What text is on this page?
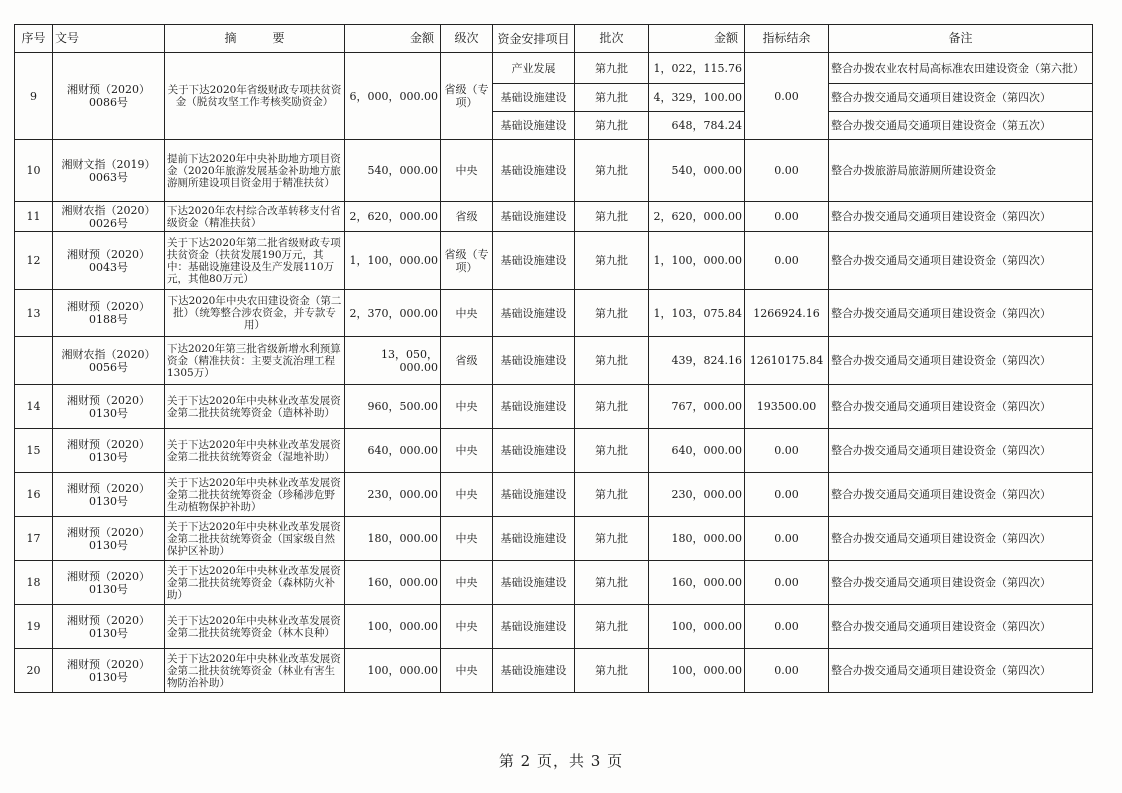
序号	文号	摘　　　要	金额	级次	资金安排项目	批次	金额	指标结余	备注
9	湘财预（2020）0086号	关于下达2020年省级财政专项扶贫资金（脱贫攻坚工作考核奖励资金）	6，000，000.00	省级（专项）	产业发展	第九批	1，022，115.76	0.00	整合办拨农业农村局高标准农田建设资金（第六批）
					基础设施建设	第九批	4，329，100.00		整合办拨交通局交通项目建设资金（第四次）
					基础设施建设	第九批	648，784.24		整合办拨交通局交通项目建设资金（第五次）
10	湘财文指（2019）0063号	提前下达2020年中央补助地方项目资金（2020年旅游发展基金补助地方旅游厕所建设项目资金用于精准扶贫）	540，000.00	中央	基础设施建设	第九批	540，000.00	0.00	整合办拨旅游局旅游厕所建设资金
11	湘财农指（2020）0026号	下达2020年农村综合改革转移支付省级资金（精准扶贫）	2，620，000.00	省级	基础设施建设	第九批	2，620，000.00	0.00	整合办拨交通局交通项目建设资金（第四次）
12	湘财预（2020）0043号	关于下达2020年第二批省级财政专项扶贫资金（扶贫发展190万元，其中：基础设施建设及生产发展110万元，其他80万元）	1，100，000.00	省级（专项）	基础设施建设	第九批	1，100，000.00	0.00	整合办拨交通局交通项目建设资金（第四次）
13	湘财预（2020）0188号	下达2020年中央农田建设资金（第二批）（统筹整合涉农资金，并专款专用）	2，370，000.00	中央	基础设施建设	第九批	1，103，075.84	1266924.16	整合办拨交通局交通项目建设资金（第四次）
	湘财农指（2020）0056号	下达2020年第三批省级新增水利预算资金（精准扶贫：主要支流治理工程1305万）	13，050，000.00	省级	基础设施建设	第九批	439，824.16	12610175.84	整合办拨交通局交通项目建设资金（第四次）
14	湘财预（2020）0130号	关于下达2020年中央林业改革发展资金第二批扶贫统筹资金（造林补助）	960，500.00	中央	基础设施建设	第九批	767，000.00	193500.00	整合办拨交通局交通项目建设资金（第四次）
15	湘财预（2020）0130号	关于下达2020年中央林业改革发展资金第二批扶贫统筹资金（湿地补助）	640，000.00	中央	基础设施建设	第九批	640，000.00	0.00	整合办拨交通局交通项目建设资金（第四次）
16	湘财预（2020）0130号	关于下达2020年中央林业改革发展资金第二批扶贫统筹资金（珍稀涉危野生动植物保护补助）	230，000.00	中央	基础设施建设	第九批	230，000.00	0.00	整合办拨交通局交通项目建设资金（第四次）
17	湘财预（2020）0130号	关于下达2020年中央林业改革发展资金第二批扶贫统筹资金（国家级自然保护区补助）	180，000.00	中央	基础设施建设	第九批	180，000.00	0.00	整合办拨交通局交通项目建设资金（第四次）
18	湘财预（2020）0130号	关于下达2020年中央林业改革发展资金第二批扶贫统筹资金（森林防火补助）	160，000.00	中央	基础设施建设	第九批	160，000.00	0.00	整合办拨交通局交通项目建设资金（第四次）
19	湘财预（2020）0130号	关于下达2020年中央林业改革发展资金第二批扶贫统筹资金（林木良种）	100，000.00	中央	基础设施建设	第九批	100，000.00	0.00	整合办拨交通局交通项目建设资金（第四次）
20	湘财预（2020）0130号	关于下达2020年中央林业改革发展资金第二批扶贫统筹资金（林业有害生物防治补助）	100，000.00	中央	基础设施建设	第九批	100，000.00	0.00	整合办拨交通局交通项目建设资金（第四次）
第 2 页，共 3 页
